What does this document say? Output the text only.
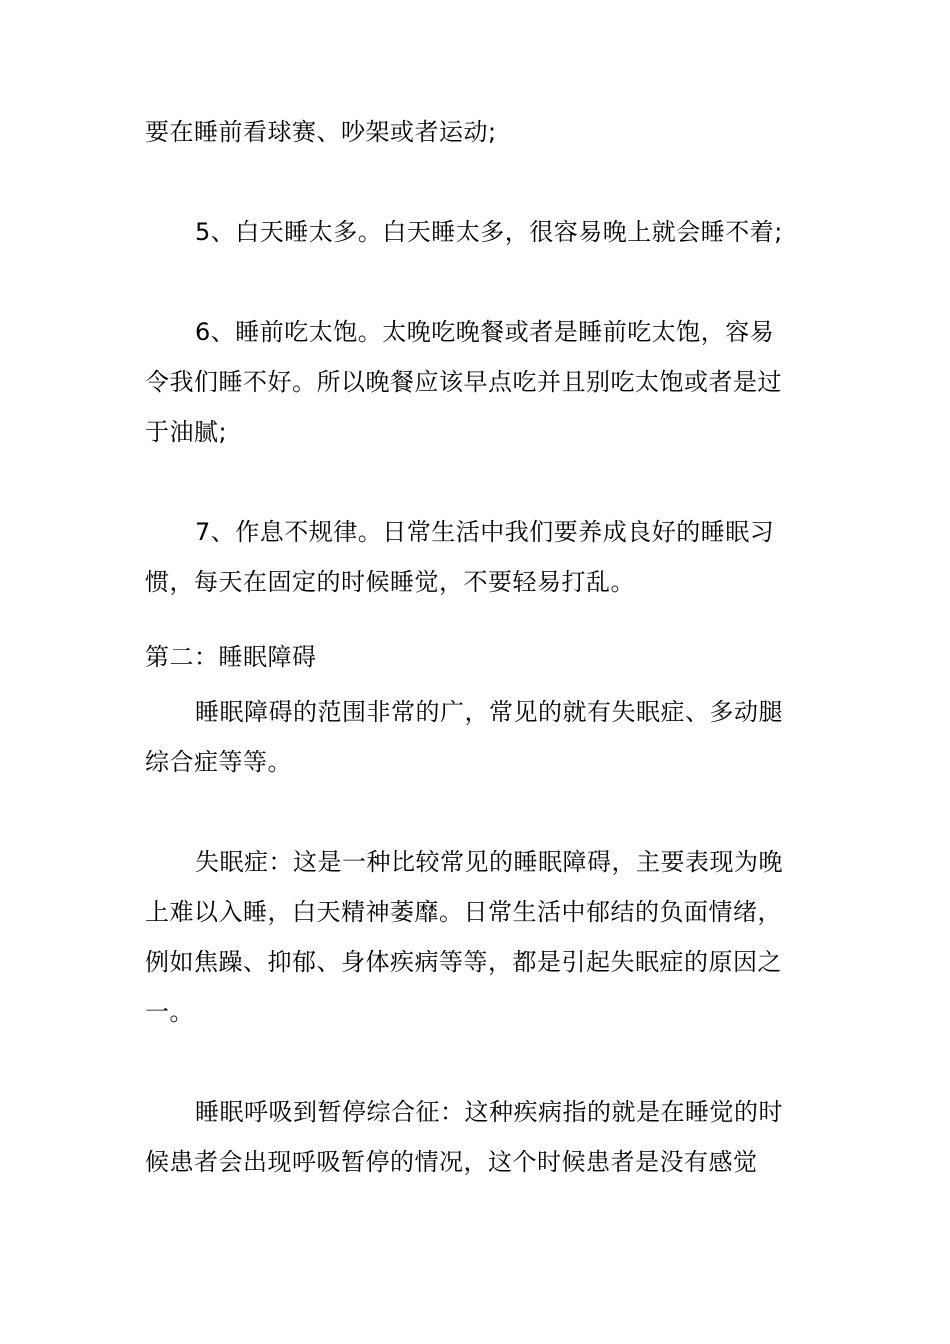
要在睡前看球赛、吵架或者运动;
5、白天睡太多。白天睡太多，很容易晚上就会睡不着;
6、睡前吃太饱。太晚吃晚餐或者是睡前吃太饱，容易
令我们睡不好。所以晚餐应该早点吃并且别吃太饱或者是过
于油腻;
7、作息不规律。日常生活中我们要养成良好的睡眠习
惯，每天在固定的时候睡觉，不要轻易打乱。
第二：睡眠障碍
睡眠障碍的范围非常的广，常见的就有失眠症、多动腿
综合症等等。
失眠症：这是一种比较常见的睡眠障碍，主要表现为晚
上难以入睡，白天精神萎靡。日常生活中郁结的负面情绪，
例如焦躁、抑郁、身体疾病等等，都是引起失眠症的原因之
一。
睡眠呼吸到暂停综合征：这种疾病指的就是在睡觉的时
候患者会出现呼吸暂停的情况，这个时候患者是没有感觉
